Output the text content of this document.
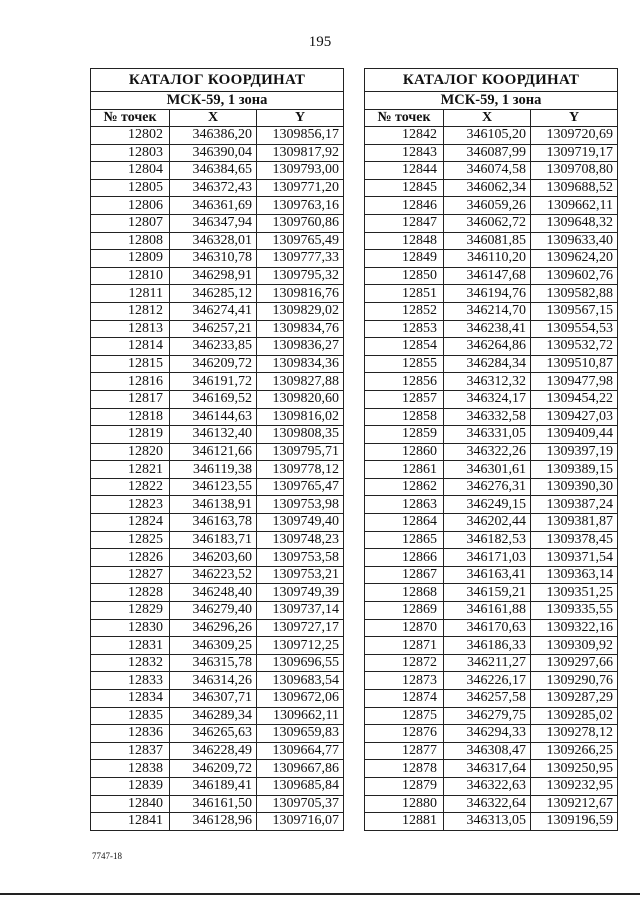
195
КАТАЛОГ КООРДИНАТ		
МСК-59, 1 зона		
№ точек	X	Y
12802	346386,20	1309856,17
12803	346390,04	1309817,92
12804	346384,65	1309793,00
12805	346372,43	1309771,20
12806	346361,69	1309763,16
12807	346347,94	1309760,86
12808	346328,01	1309765,49
12809	346310,78	1309777,33
12810	346298,91	1309795,32
12811	346285,12	1309816,76
12812	346274,41	1309829,02
12813	346257,21	1309834,76
12814	346233,85	1309836,27
12815	346209,72	1309834,36
12816	346191,72	1309827,88
12817	346169,52	1309820,60
12818	346144,63	1309816,02
12819	346132,40	1309808,35
12820	346121,66	1309795,71
12821	346119,38	1309778,12
12822	346123,55	1309765,47
12823	346138,91	1309753,98
12824	346163,78	1309749,40
12825	346183,71	1309748,23
12826	346203,60	1309753,58
12827	346223,52	1309753,21
12828	346248,40	1309749,39
12829	346279,40	1309737,14
12830	346296,26	1309727,17
12831	346309,25	1309712,25
12832	346315,78	1309696,55
12833	346314,26	1309683,54
12834	346307,71	1309672,06
12835	346289,34	1309662,11
12836	346265,63	1309659,83
12837	346228,49	1309664,77
12838	346209,72	1309667,86
12839	346189,41	1309685,84
12840	346161,50	1309705,37
12841	346128,96	1309716,07
КАТАЛОГ КООРДИНАТ		
МСК-59, 1 зона		
№ точек	X	Y
12842	346105,20	1309720,69
12843	346087,99	1309719,17
12844	346074,58	1309708,80
12845	346062,34	1309688,52
12846	346059,26	1309662,11
12847	346062,72	1309648,32
12848	346081,85	1309633,40
12849	346110,20	1309624,20
12850	346147,68	1309602,76
12851	346194,76	1309582,88
12852	346214,70	1309567,15
12853	346238,41	1309554,53
12854	346264,86	1309532,72
12855	346284,34	1309510,87
12856	346312,32	1309477,98
12857	346324,17	1309454,22
12858	346332,58	1309427,03
12859	346331,05	1309409,44
12860	346322,26	1309397,19
12861	346301,61	1309389,15
12862	346276,31	1309390,30
12863	346249,15	1309387,24
12864	346202,44	1309381,87
12865	346182,53	1309378,45
12866	346171,03	1309371,54
12867	346163,41	1309363,14
12868	346159,21	1309351,25
12869	346161,88	1309335,55
12870	346170,63	1309322,16
12871	346186,33	1309309,92
12872	346211,27	1309297,66
12873	346226,17	1309290,76
12874	346257,58	1309287,29
12875	346279,75	1309285,02
12876	346294,33	1309278,12
12877	346308,47	1309266,25
12878	346317,64	1309250,95
12879	346322,63	1309232,95
12880	346322,64	1309212,67
12881	346313,05	1309196,59
7747-18
